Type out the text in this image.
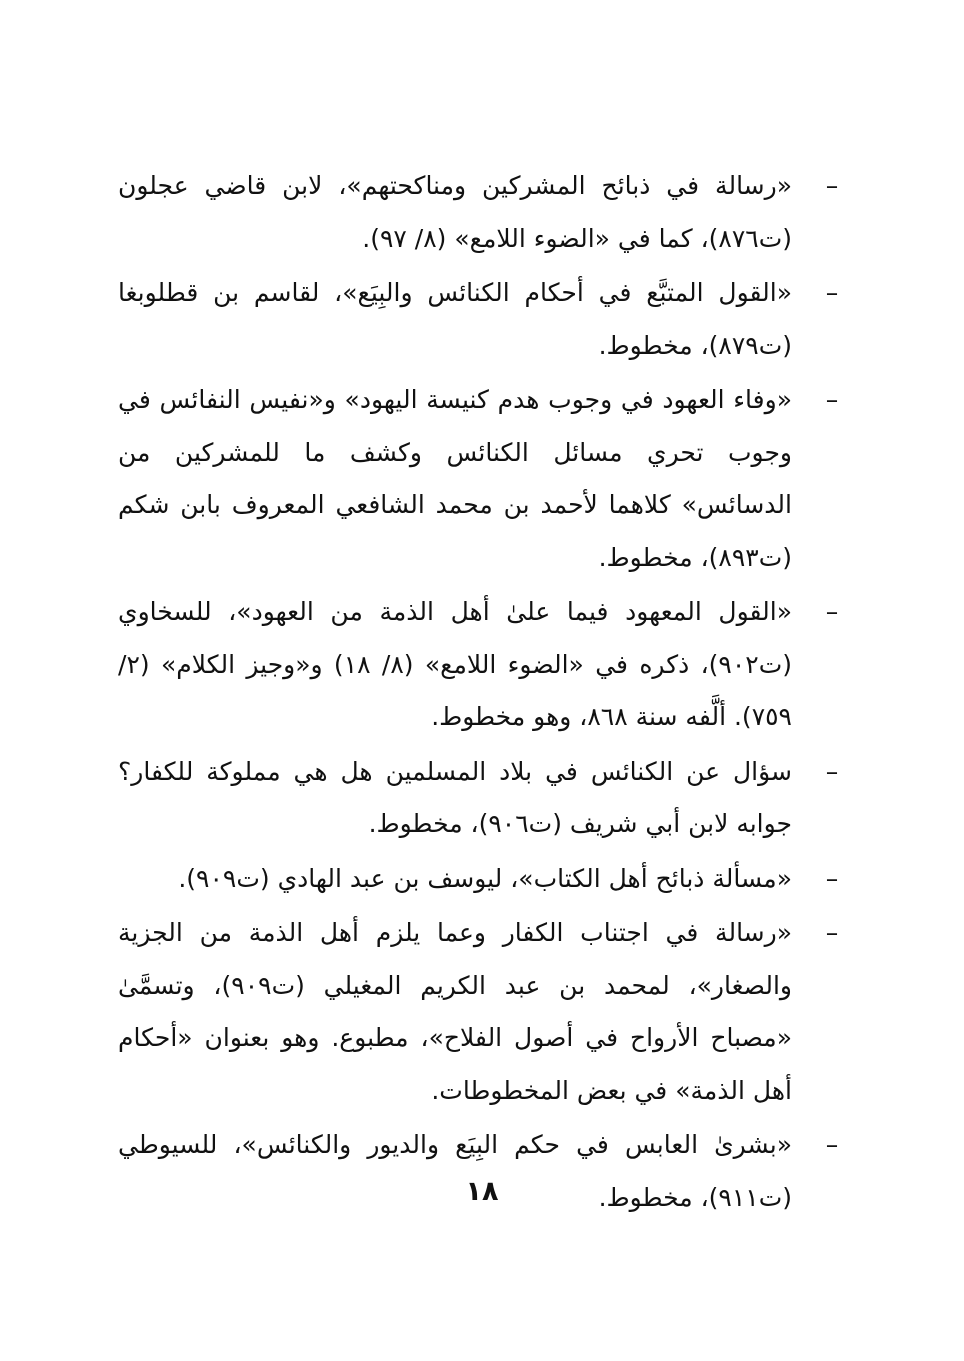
–
«رسالة في ذبائح المشركين ومناكحتهم»، لابن قاضي عجلون (ت٨٧٦)، كما في «الضوء اللامع» (٨/ ٩٧).
–
«القول المتبَّع في أحكام الكنائس والبِيَع»، لقاسم بن قطلوبغا (ت٨٧٩)، مخطوط.
–
«وفاء العهود في وجوب هدم كنيسة اليهود» و«نفيس النفائس في وجوب تحري مسائل الكنائس وكشف ما للمشركين من الدسائس» كلاهما لأحمد بن محمد الشافعي المعروف بابن شكم (ت٨٩٣)، مخطوط.
–
«القول المعهود فيما علىٰ أهل الذمة من العهود»، للسخاوي (ت٩٠٢)، ذكره في «الضوء اللامع» (٨/ ١٨) و«وجيز الكلام» (٢/ ٧٥٩). ألَّفه سنة ٨٦٨، وهو مخطوط.
–
سؤال عن الكنائس في بلاد المسلمين هل هي مملوكة للكفار؟ جوابه لابن أبي شريف (ت٩٠٦)، مخطوط.
–
«مسألة ذبائح أهل الكتاب»، ليوسف بن عبد الهادي (ت٩٠٩).
–
«رسالة في اجتناب الكفار وعما يلزم أهل الذمة من الجزية والصغار»، لمحمد بن عبد الكريم المغيلي (ت٩٠٩)، وتسمَّىٰ «مصباح الأرواح في أصول الفلاح»، مطبوع. وهو بعنوان «أحكام أهل الذمة» في بعض المخطوطات.
–
«بشرىٰ العابس في حكم البِيَع والديور والكنائس»، للسيوطي (ت٩١١)، مخطوط.
١٨
